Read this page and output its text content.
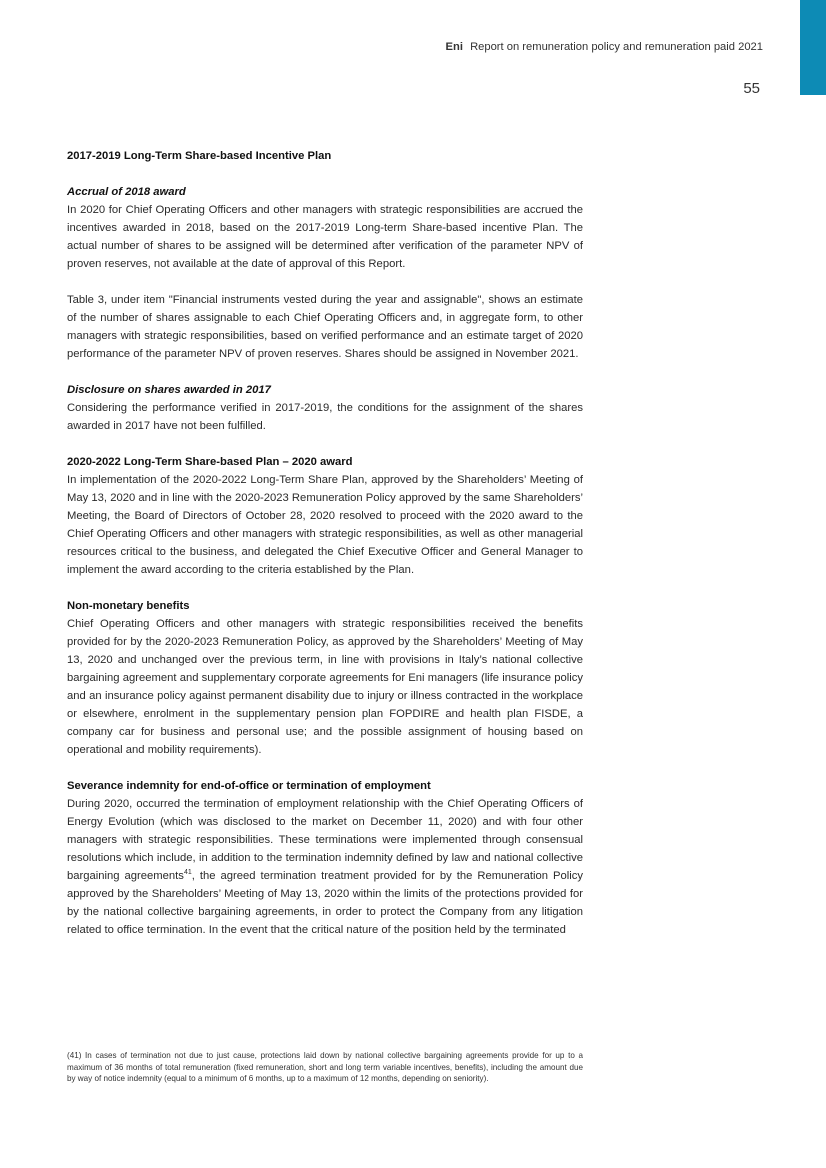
Eni Report on remuneration policy and remuneration paid 2021
55
2017-2019 Long-Term Share-based Incentive Plan
Accrual of 2018 award

In 2020 for Chief Operating Officers and other managers with strategic responsibilities are accrued the incentives awarded in 2018, based on the 2017-2019 Long-term Share-based incentive Plan. The actual number of shares to be assigned will be determined after verification of the parameter NPV of proven reserves, not available at the date of approval of this Report.

Table 3, under item "Financial instruments vested during the year and assignable", shows an estimate of the number of shares assignable to each Chief Operating Officers and, in aggregate form, to other managers with strategic responsibilities, based on verified performance and an estimate target of 2020 performance of the parameter NPV of proven reserves. Shares should be assigned in November 2021.

Disclosure on shares awarded in 2017

Considering the performance verified in 2017-2019, the conditions for the assignment of the shares awarded in 2017 have not been fulfilled.

2020-2022 Long-Term Share-based Plan – 2020 award

In implementation of the 2020-2022 Long-Term Share Plan, approved by the Shareholders’ Meeting of May 13, 2020 and in line with the 2020-2023 Remuneration Policy approved by the same Shareholders’ Meeting, the Board of Directors of October 28, 2020 resolved to proceed with the 2020 award to the Chief Operating Officers and other managers with strategic responsibilities, as well as other managerial resources critical to the business, and delegated the Chief Executive Officer and General Manager to implement the award according to the criteria established by the Plan.

Non-monetary benefits

Chief Operating Officers and other managers with strategic responsibilities received the benefits provided for by the 2020-2023 Remuneration Policy, as approved by the Shareholders’ Meeting of May 13, 2020 and unchanged over the previous term, in line with provisions in Italy’s national collective bargaining agreement and supplementary corporate agreements for Eni managers (life insurance policy and an insurance policy against permanent disability due to injury or illness contracted in the workplace or elsewhere, enrolment in the supplementary pension plan FOPDIRE and health plan FISDE, a company car for business and personal use; and the possible assignment of housing based on operational and mobility requirements).

Severance indemnity for end-of-office or termination of employment

During 2020, occurred the termination of employment relationship with the Chief Operating Officers of Energy Evolution (which was disclosed to the market on December 11, 2020) and with four other managers with strategic responsibilities. These terminations were implemented through consensual resolutions which include, in addition to the termination indemnity defined by law and national collective bargaining agreements$^{41}$, the agreed termination treatment provided for by the Remuneration Policy approved by the Shareholders’ Meeting of May 13, 2020 within the limits of the protections provided for by the national collective bargaining agreements, in order to protect the Company from any litigation related to office termination. In the event that the critical nature of the position held by the terminated

(41) In cases of termination not due to just cause, protections laid down by national collective bargaining agreements provide for up to a maximum of 36 months of total remuneration (fixed remuneration, short and long term variable incentives, benefits), including the amount due by way of notice indemnity (equal to a minimum of 6 months, up to a maximum of 12 months, depending on seniority).
